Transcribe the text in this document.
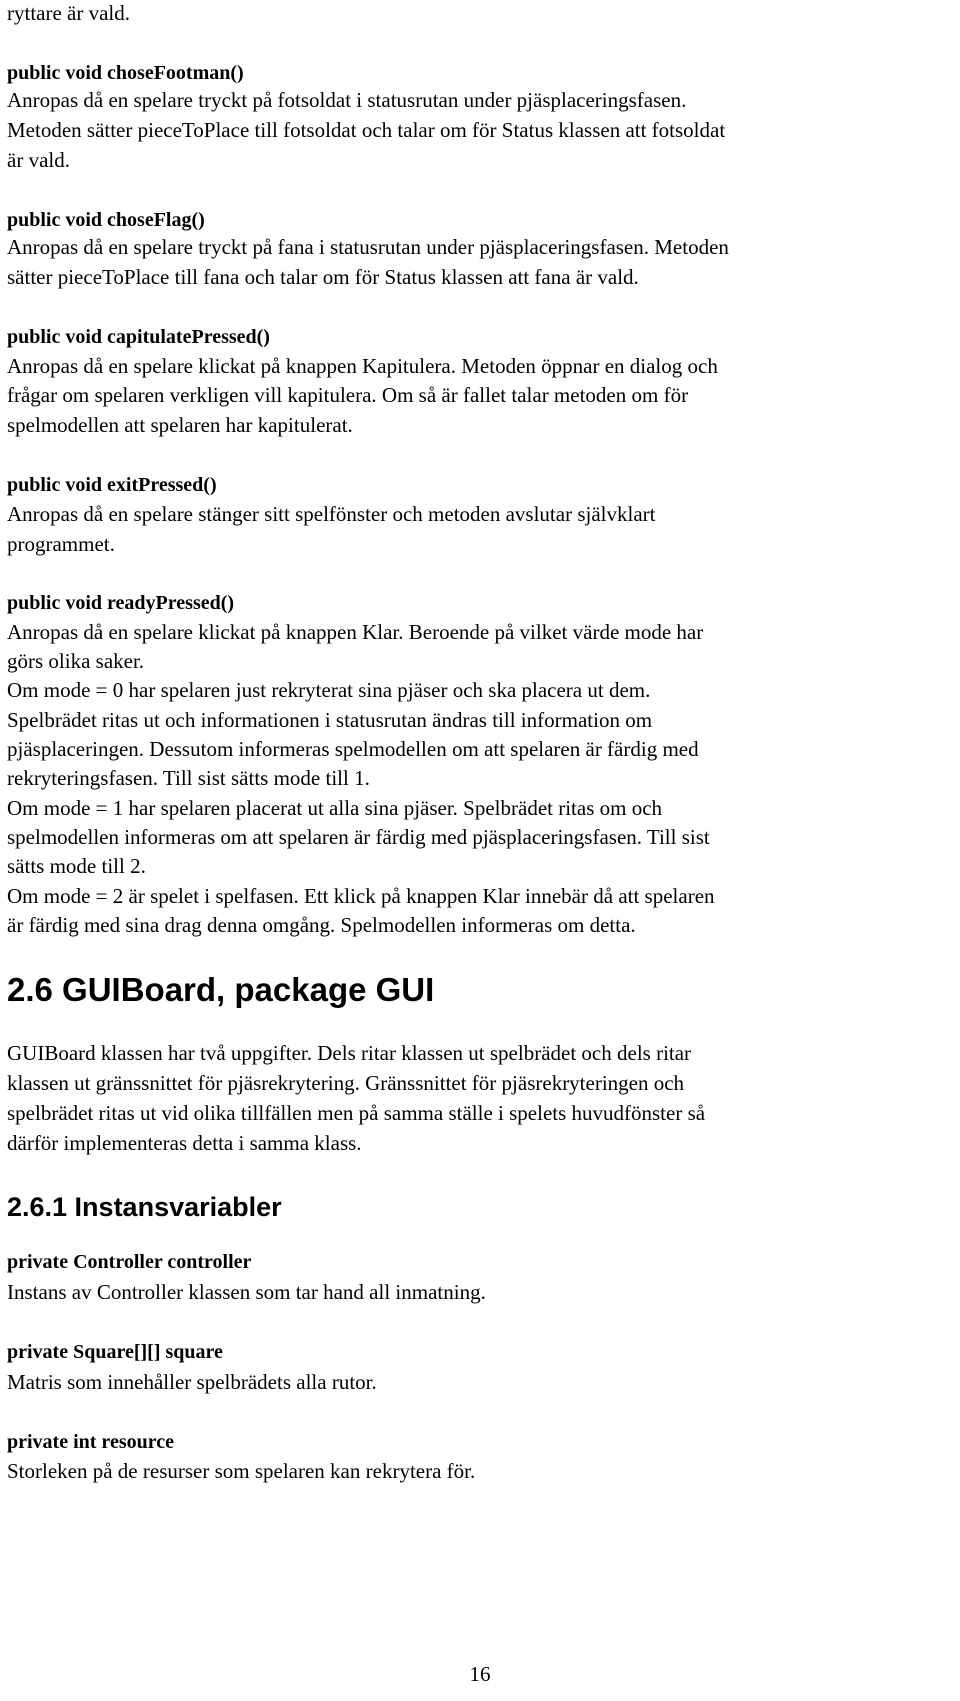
ryttare är vald.
public void choseFootman()
Anropas då en spelare tryckt på fotsoldat i statusrutan under pjäsplaceringsfasen.
Metoden sätter pieceToPlace till fotsoldat och talar om för Status klassen att fotsoldat
är vald.
public void choseFlag()
Anropas då en spelare tryckt på fana i statusrutan under pjäsplaceringsfasen. Metoden
sätter pieceToPlace till fana och talar om för Status klassen att fana är vald.
public void capitulatePressed()
Anropas då en spelare klickat på knappen Kapitulera. Metoden öppnar en dialog och
frågar om spelaren verkligen vill kapitulera. Om så är fallet talar metoden om för
spelmodellen att spelaren har kapitulerat.
public void exitPressed()
Anropas då en spelare stänger sitt spelfönster och metoden avslutar självklart
programmet.
public void readyPressed()
Anropas då en spelare klickat på knappen Klar. Beroende på vilket värde mode har
görs olika saker.
Om mode = 0 har spelaren just rekryterat sina pjäser och ska placera ut dem.
Spelbrädet ritas ut och informationen i statusrutan ändras till information om
pjäsplaceringen. Dessutom informeras spelmodellen om att spelaren är färdig med
rekryteringsfasen. Till sist sätts mode till 1.
Om mode = 1 har spelaren placerat ut alla sina pjäser. Spelbrädet ritas om och
spelmodellen informeras om att spelaren är färdig med pjäsplaceringsfasen. Till sist
sätts mode till 2.
Om mode = 2 är spelet i spelfasen. Ett klick på knappen Klar innebär då att spelaren
är färdig med sina drag denna omgång. Spelmodellen informeras om detta.
2.6 GUIBoard, package GUI
GUIBoard klassen har två uppgifter. Dels ritar klassen ut spelbrädet och dels ritar
klassen ut gränssnittet för pjäsrekrytering. Gränssnittet för pjäsrekryteringen och
spelbrädet ritas ut vid olika tillfällen men på samma ställe i spelets huvudfönster så
därför implementeras detta i samma klass.
2.6.1 Instansvariabler
private Controller controller
Instans av Controller klassen som tar hand all inmatning.
private Square[][] square
Matris som innehåller spelbrädets alla rutor.
private int resource
Storleken på de resurser som spelaren kan rekrytera för.
16
